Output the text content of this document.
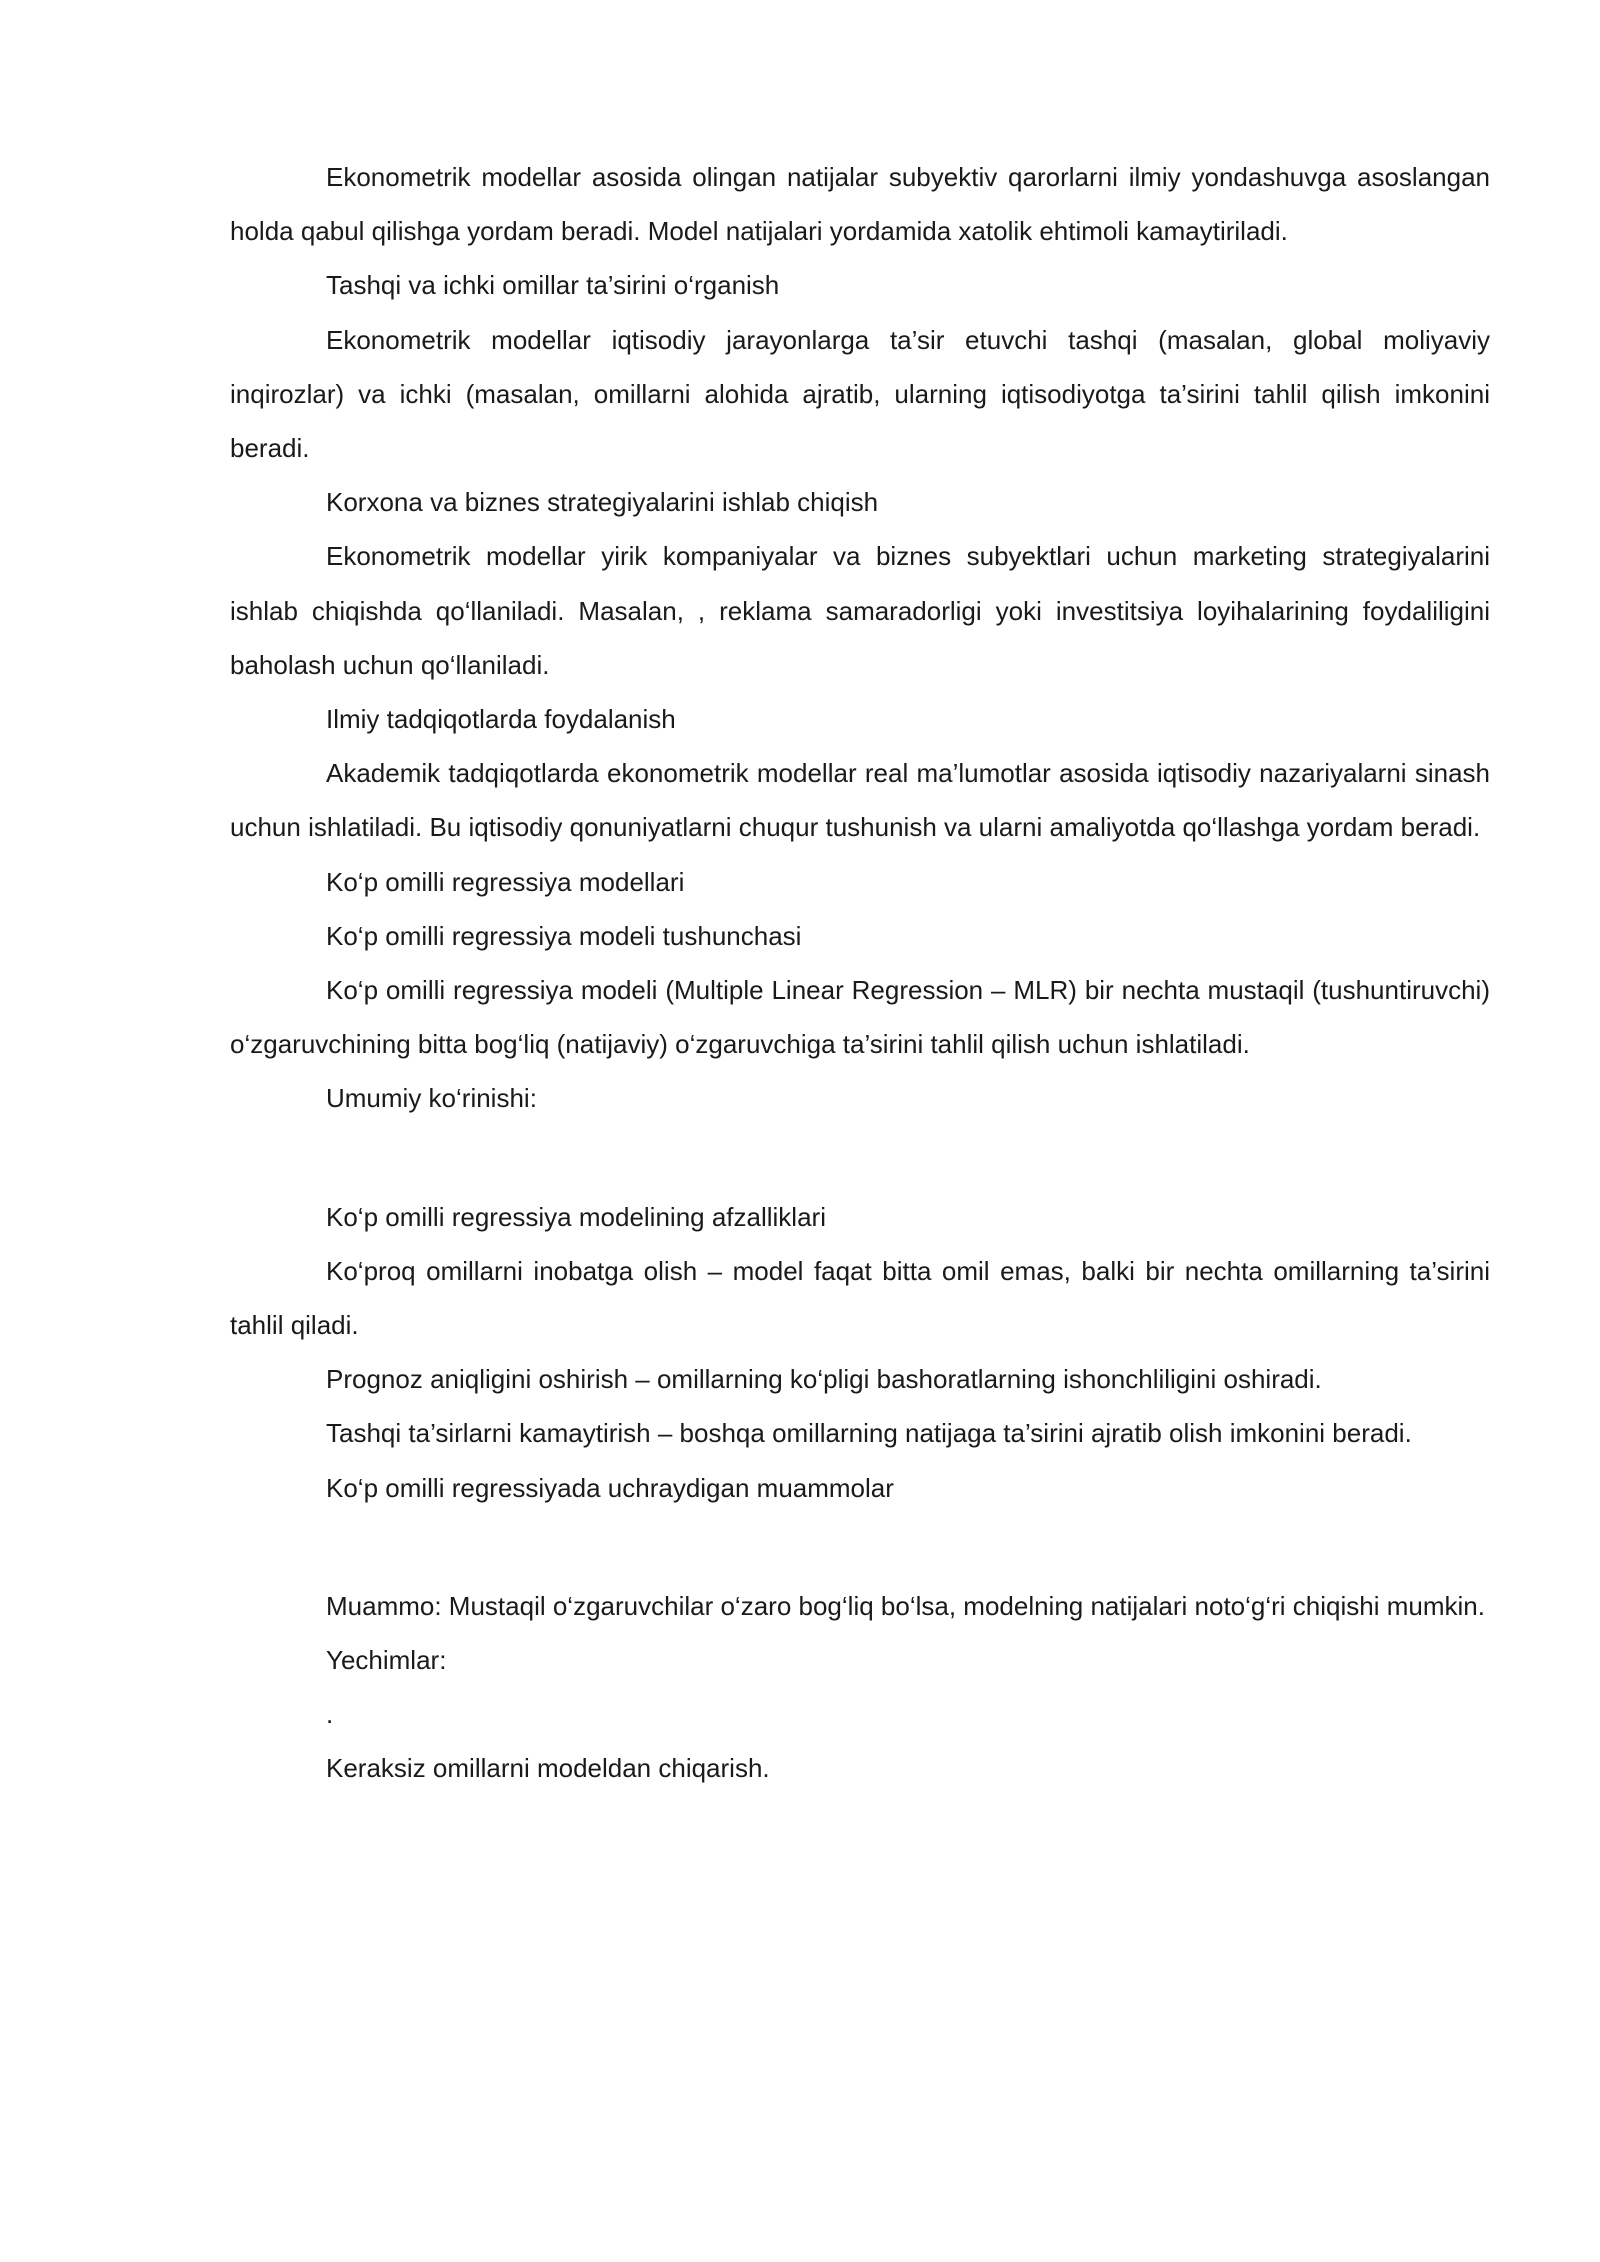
Ekonometrik modellar asosida olingan natijalar subyektiv qarorlarni ilmiy yondashuvga asoslangan holda qabul qilishga yordam beradi. Model natijalari yordamida xatolik ehtimoli kamaytiriladi.

Tashqi va ichki omillar ta’sirini o‘rganish

Ekonometrik modellar iqtisodiy jarayonlarga ta’sir etuvchi tashqi (masalan, global moliyaviy inqirozlar) va ichki (masalan, omillarni alohida ajratib, ularning iqtisodiyotga ta’sirini tahlil qilish imkonini beradi.

Korxona va biznes strategiyalarini ishlab chiqish

Ekonometrik modellar yirik kompaniyalar va biznes subyektlari uchun marketing strategiyalarini ishlab chiqishda qo‘llaniladi. Masalan, , reklama samaradorligi yoki investitsiya loyihalarining foydaliligini baholash uchun qo‘llaniladi.

Ilmiy tadqiqotlarda foydalanish

Akademik tadqiqotlarda ekonometrik modellar real ma’lumotlar asosida iqtisodiy nazariyalarni sinash uchun ishlatiladi. Bu iqtisodiy qonuniyatlarni chuqur tushunish va ularni amaliyotda qo‘llashga yordam beradi.

Ko‘p omilli regressiya modellari

Ko‘p omilli regressiya modeli tushunchasi

Ko‘p omilli regressiya modeli (Multiple Linear Regression – MLR) bir nechta mustaqil (tushuntiruvchi) o‘zgaruvchining bitta bog‘liq (natijaviy) o‘zgaruvchiga ta’sirini tahlil qilish uchun ishlatiladi.

Umumiy ko‘rinishi:

Ko‘p omilli regressiya modelining afzalliklari

Ko‘proq omillarni inobatga olish – model faqat bitta omil emas, balki bir nechta omillarning ta’sirini tahlil qiladi.

Prognoz aniqligini oshirish – omillarning ko‘pligi bashoratlarning ishonchliligini oshiradi.

Tashqi ta’sirlarni kamaytirish – boshqa omillarning natijaga ta’sirini ajratib olish imkonini beradi.

Ko‘p omilli regressiyada uchraydigan muammolar

Muammo: Mustaqil o‘zgaruvchilar o‘zaro bog‘liq bo‘lsa, modelning natijalari noto‘g‘ri chiqishi mumkin.

Yechimlar:

.

Keraksiz omillarni modeldan chiqarish.
